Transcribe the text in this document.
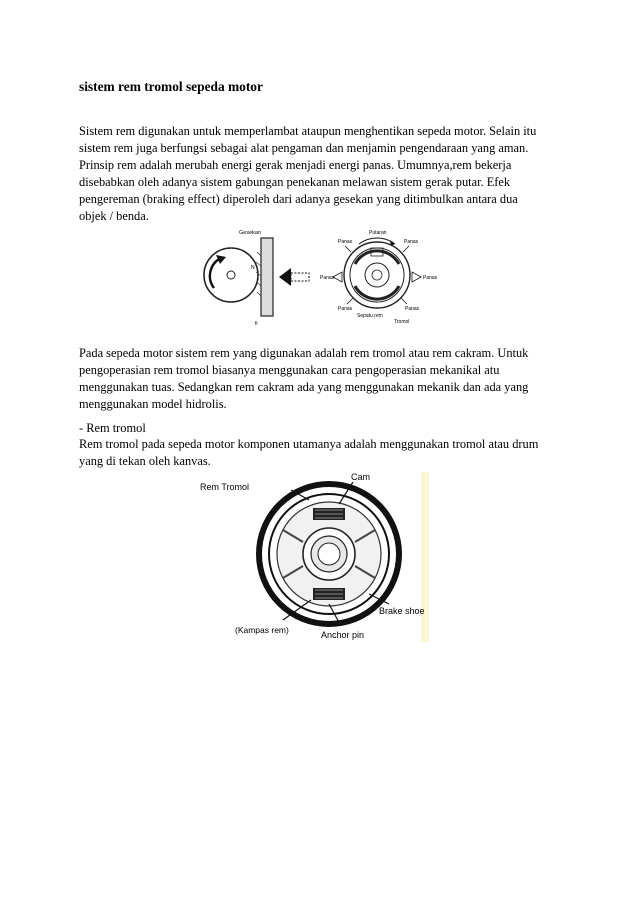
sistem rem tromol sepeda motor
Sistem rem digunakan untuk memperlambat ataupun menghentikan sepeda motor. Selain itu
sistem rem juga berfungsi sebagai alat pengaman dan menjamin pengendaraan yang aman.
Prinsip rem adalah merubah energi gerak menjadi energi panas. Umumnya,rem bekerja
disebabkan oleh adanya sistem gabungan penekanan melawan sistem gerak putar. Efek
pengereman (braking effect) diperoleh dari adanya gesekan yang ditimbulkan antara dua
objek / benda.
Gesekan
N
fi
Putaran
Panas	Panas
Panas	Panas
Panas	Panas
Sepatu rem
Tromol
Pada sepeda motor sistem rem yang digunakan adalah rem tromol atau rem cakram. Untuk
pengoperasian rem tromol biasanya menggunakan cara pengoperasian mekanikal atu
menggunakan tuas. Sedangkan rem cakram ada yang menggunakan mekanik dan ada yang
menggunakan model hidrolis.
- Rem tromol
Rem tromol pada sepeda motor komponen utamanya adalah menggunakan tromol atau drum
yang di tekan oleh kanvas.
Rem Tromol
Cam
Brake shoe
(Kampas rem)	Anchor pin
